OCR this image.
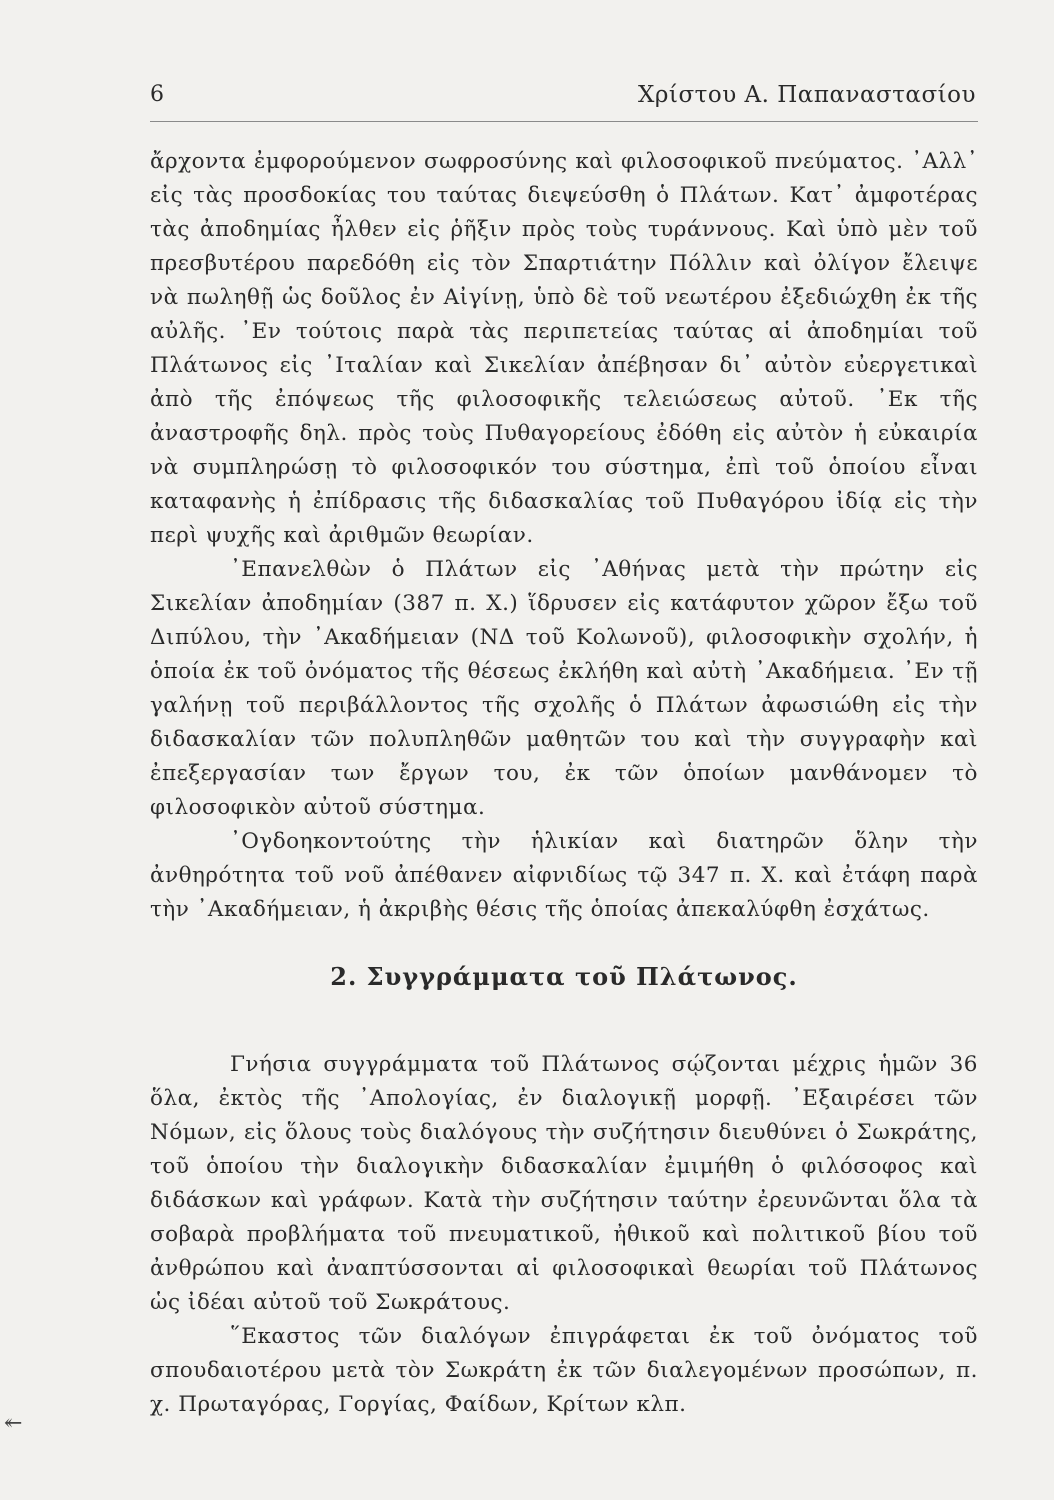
6	Χρίστου Α. Παπαναστασίου

ἄρχοντα ἐμφορούμενον σωφροσύνης καὶ φιλοσοφικοῦ πνεύματος. ᾿Αλλ᾿ εἰς τὰς προσδοκίας του ταύτας διεψεύσθη ὁ Πλάτων. Κατ᾿ ἀμφοτέρας τὰς ἀποδημίας ἦλθεν εἰς ῥῆξιν πρὸς τοὺς τυράννους. Καὶ ὑπὸ μὲν τοῦ πρεσβυτέρου παρεδόθη εἰς τὸν Σπαρτιάτην Πόλλιν καὶ ὀλίγον ἔλειψε νὰ πωληθῇ ὡς δοῦλος ἐν Αἰγίνῃ, ὑπὸ δὲ τοῦ νεωτέρου ἐξεδιώχθη ἐκ τῆς αὐλῆς. ᾿Εν τούτοις παρὰ τὰς περιπετείας ταύτας αἱ ἀποδημίαι τοῦ Πλάτωνος εἰς ᾿Ιταλίαν καὶ Σικελίαν ἀπέβησαν δι᾿ αὐτὸν εὐεργετικαὶ ἀπὸ τῆς ἐπόψεως τῆς φιλοσοφικῆς τελειώσεως αὐτοῦ. ᾿Εκ τῆς ἀναστροφῆς δηλ. πρὸς τοὺς Πυθαγορείους ἐδόθη εἰς αὐτὸν ἡ εὐκαιρία νὰ συμπληρώσῃ τὸ φιλοσοφικόν του σύστημα, ἐπὶ τοῦ ὁποίου εἶναι καταφανὴς ἡ ἐπίδρασις τῆς διδασκαλίας τοῦ Πυθαγόρου ἰδίᾳ εἰς τὴν περὶ ψυχῆς καὶ ἀριθμῶν θεωρίαν.

᾿Επανελθὼν ὁ Πλάτων εἰς ᾿Αθήνας μετὰ τὴν πρώτην εἰς Σικελίαν ἀποδημίαν (387 π. Χ.) ἵδρυσεν εἰς κατάφυτον χῶρον ἔξω τοῦ Διπύλου, τὴν ᾿Ακαδήμειαν (ΝΔ τοῦ Κολωνοῦ), φιλοσοφικὴν σχολήν, ἡ ὁποία ἐκ τοῦ ὀνόματος τῆς θέσεως ἐκλήθη καὶ αὐτὴ ᾿Ακαδήμεια. ᾿Εν τῇ γαλήνῃ τοῦ περιβάλλοντος τῆς σχολῆς ὁ Πλάτων ἀφωσιώθη εἰς τὴν διδασκαλίαν τῶν πολυπληθῶν μαθητῶν του καὶ τὴν συγγραφὴν καὶ ἐπεξεργασίαν των ἔργων του, ἐκ τῶν ὁποίων μανθάνομεν τὸ φιλοσοφικὸν αὐτοῦ σύστημα.

᾿Ογδοηκοντούτης τὴν ἡλικίαν καὶ διατηρῶν ὅλην τὴν ἀνθηρότητα τοῦ νοῦ ἀπέθανεν αἰφνιδίως τῷ 347 π. Χ. καὶ ἐτάφη παρὰ τὴν ᾿Ακαδήμειαν, ἡ ἀκριβὴς θέσις τῆς ὁποίας ἀπεκαλύφθη ἐσχάτως.

2. Συγγράμματα τοῦ Πλάτωνος.

Γνήσια συγγράμματα τοῦ Πλάτωνος σῴζονται μέχρις ἡμῶν 36 ὅλα, ἐκτὸς τῆς ᾿Απολογίας, ἐν διαλογικῇ μορφῇ. ᾿Εξαιρέσει τῶν Νόμων, εἰς ὅλους τοὺς διαλόγους τὴν συζήτησιν διευθύνει ὁ Σωκράτης, τοῦ ὁποίου τὴν διαλογικὴν διδασκαλίαν ἐμιμήθη ὁ φιλόσοφος καὶ διδάσκων καὶ γράφων. Κατὰ τὴν συζήτησιν ταύτην ἐρευνῶνται ὅλα τὰ σοβαρὰ προβλήματα τοῦ πνευματικοῦ, ἠθικοῦ καὶ πολιτικοῦ βίου τοῦ ἀνθρώπου καὶ ἀναπτύσσονται αἱ φιλοσοφικαὶ θεωρίαι τοῦ Πλάτωνος ὡς ἰδέαι αὐτοῦ τοῦ Σωκράτους.

῞Εκαστος τῶν διαλόγων ἐπιγράφεται ἐκ τοῦ ὀνόματος τοῦ σπουδαιοτέρου μετὰ τὸν Σωκράτη ἐκ τῶν διαλεγομένων προσώπων, π. χ. Πρωταγόρας, Γοργίας, Φαίδων, Κρίτων κλπ.

↞
